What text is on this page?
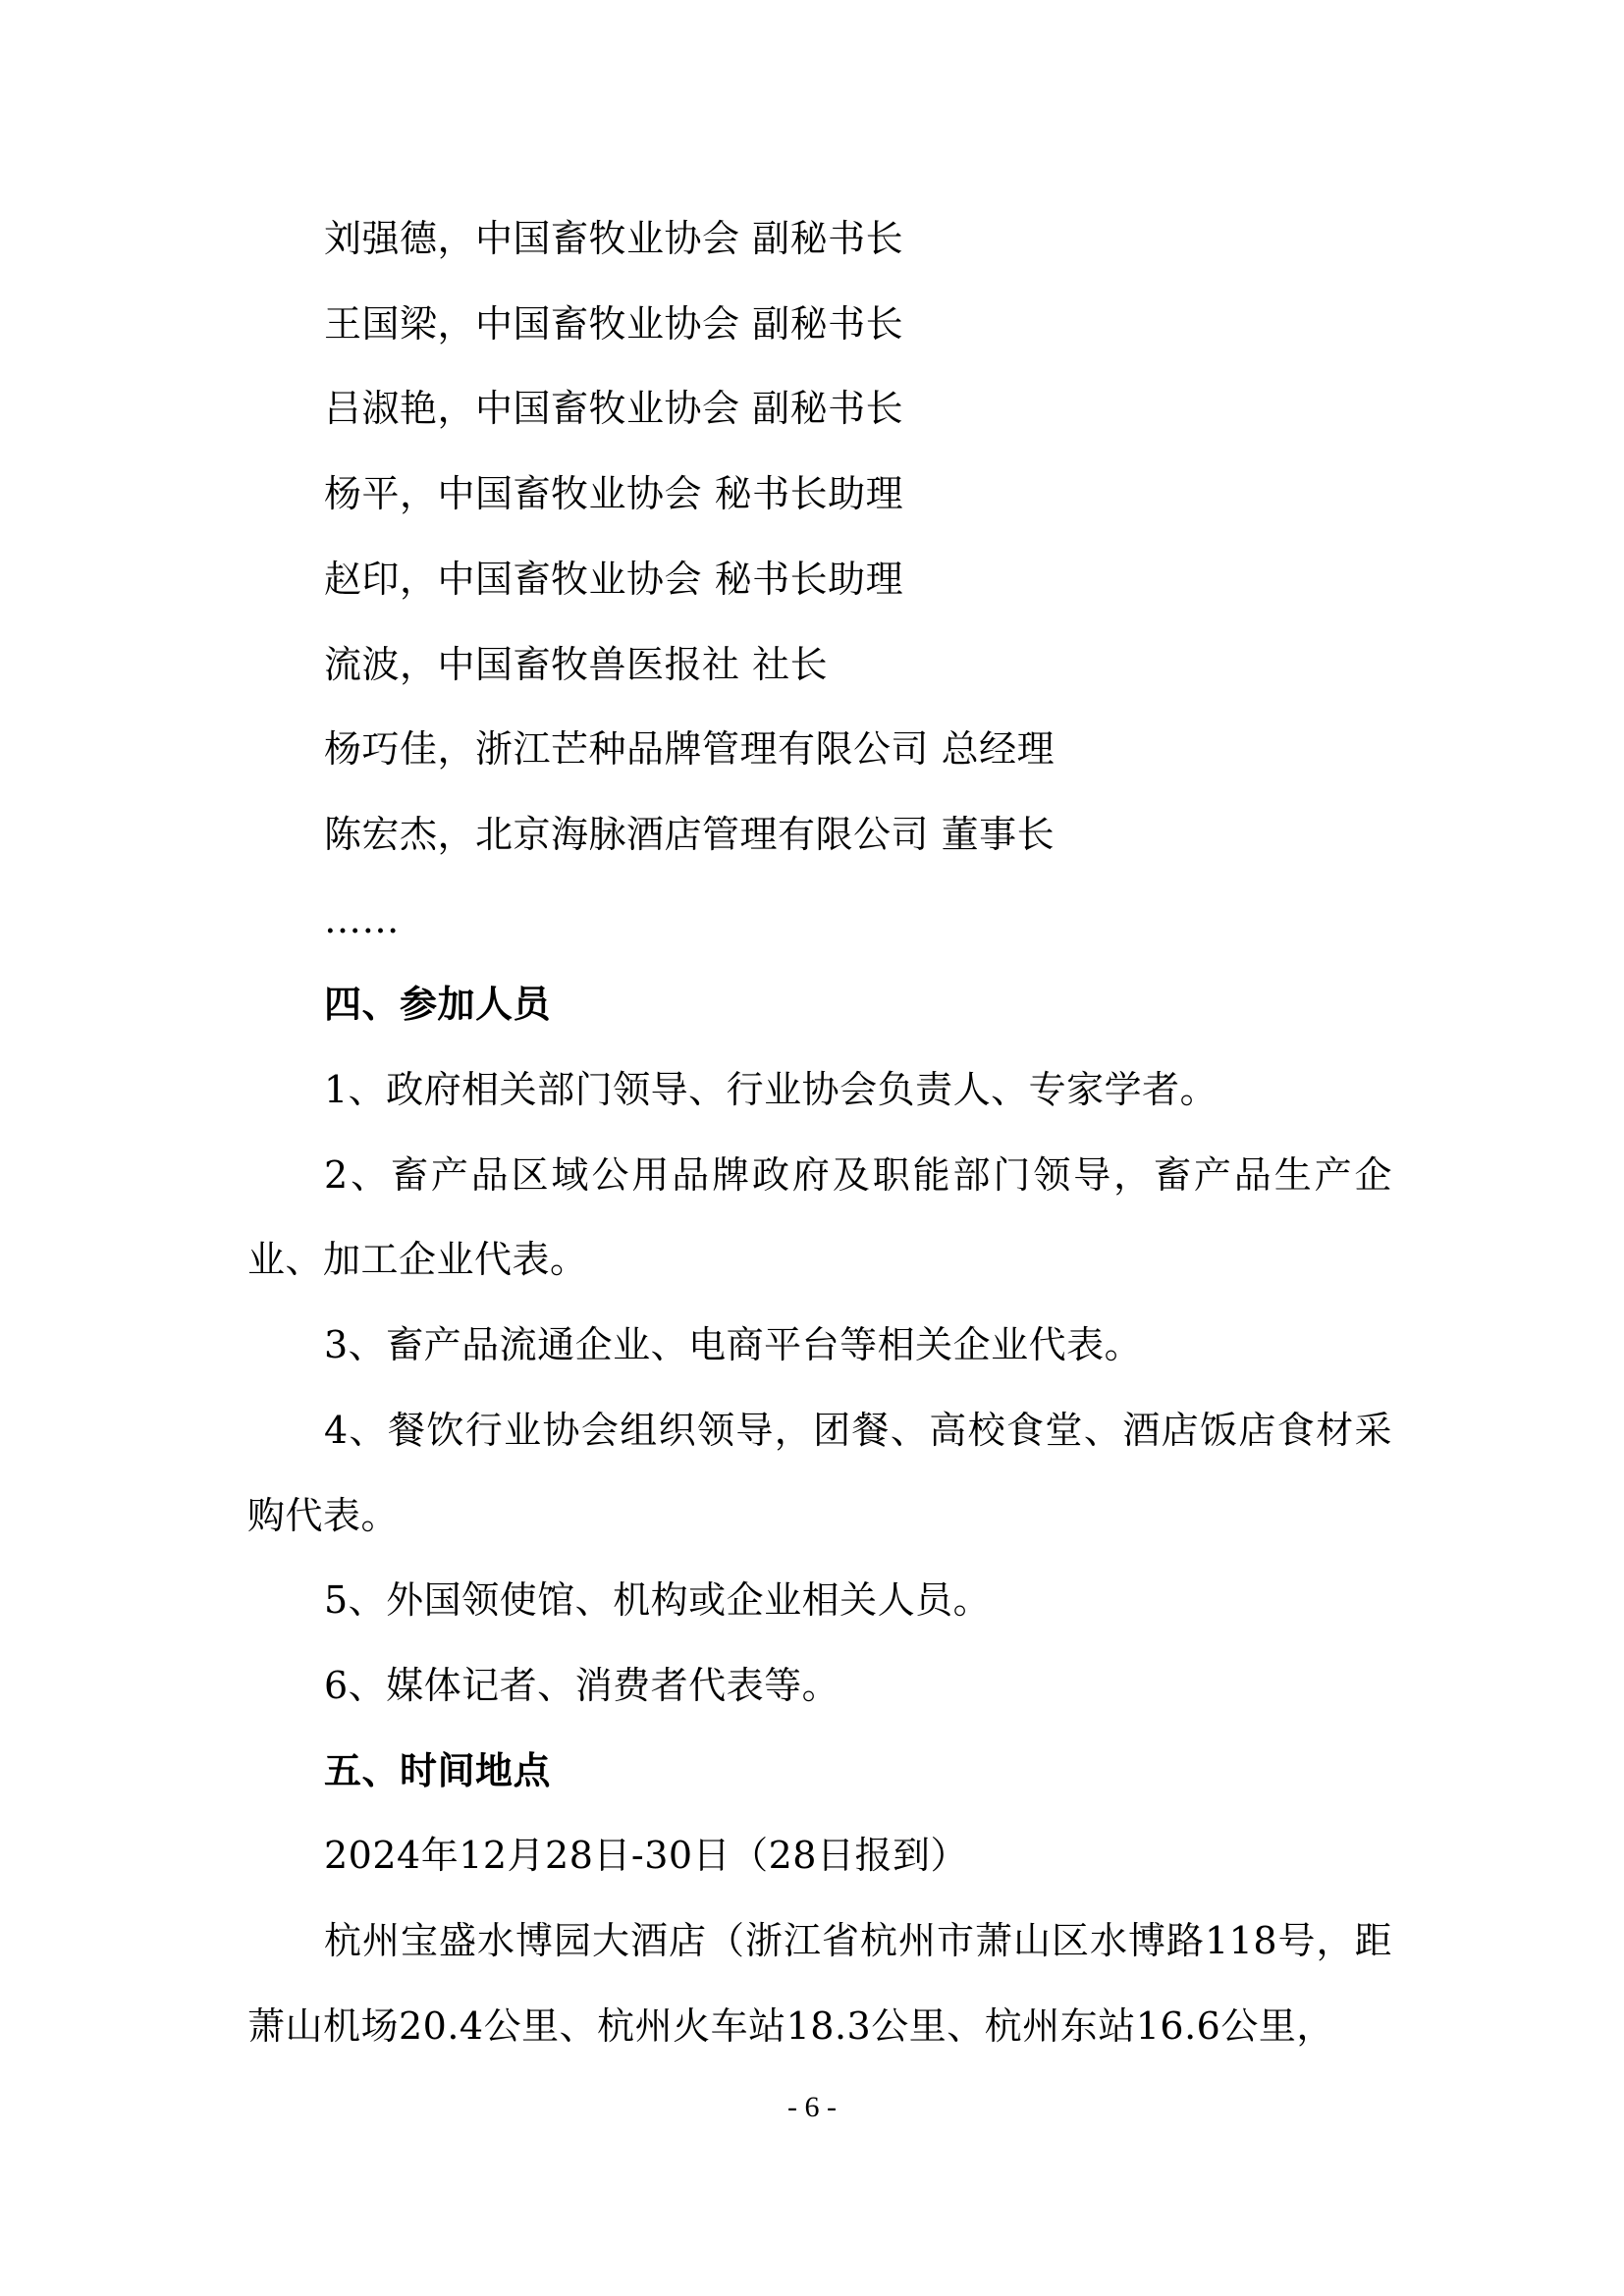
刘强德，中国畜牧业协会 副秘书长

王国梁，中国畜牧业协会 副秘书长

吕淑艳，中国畜牧业协会 副秘书长

杨平，中国畜牧业协会 秘书长助理

赵印，中国畜牧业协会 秘书长助理

流波，中国畜牧兽医报社 社长

杨巧佳，浙江芒种品牌管理有限公司 总经理

陈宏杰，北京海脉酒店管理有限公司 董事长

……

四、参加人员

1、政府相关部门领导、行业协会负责人、专家学者。

2、畜产品区域公用品牌政府及职能部门领导，畜产品生产企业、加工企业代表。

3、畜产品流通企业、电商平台等相关企业代表。

4、餐饮行业协会组织领导，团餐、高校食堂、酒店饭店食材采购代表。

5、外国领使馆、机构或企业相关人员。

6、媒体记者、消费者代表等。

五、时间地点

2024年12月28日-30日（28日报到）

杭州宝盛水博园大酒店（浙江省杭州市萧山区水博路118号，距萧山机场20.4公里、杭州火车站18.3公里、杭州东站16.6公里，

- 6 -
